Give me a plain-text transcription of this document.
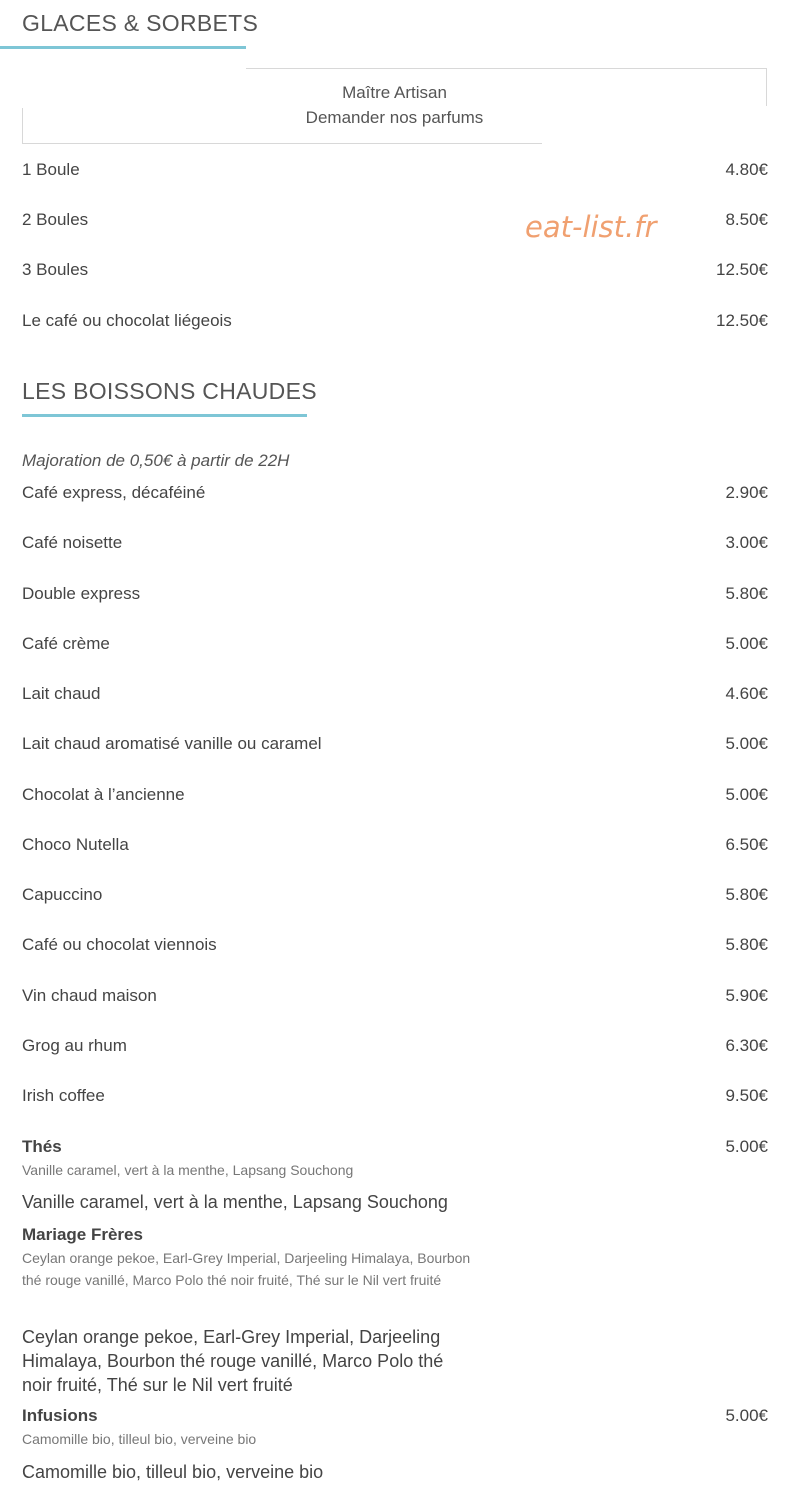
GLACES & SORBETS
Maître Artisan
Demander nos parfums
1 Boule	4.80€
2 Boules	8.50€
3 Boules	12.50€
Le café ou chocolat liégeois	12.50€
eat-list.fr
LES BOISSONS CHAUDES
Majoration de 0,50€ à partir de 22H
Café express, décaféiné	2.90€
Café noisette	3.00€
Double express	5.80€
Café crème	5.00€
Lait chaud	4.60€
Lait chaud aromatisé vanille ou caramel	5.00€
Chocolat à l’ancienne	5.00€
Choco Nutella	6.50€
Capuccino	5.80€
Café ou chocolat viennois	5.80€
Vin chaud maison	5.90€
Grog au rhum	6.30€
Irish coffee	9.50€
Thés	5.00€
Vanille caramel, vert à la menthe, Lapsang Souchong
Vanille caramel, vert à la menthe, Lapsang Souchong
Mariage Frères
Ceylan orange pekoe, Earl-Grey Imperial, Darjeeling Himalaya, Bourbon thé rouge vanillé, Marco Polo thé noir fruité, Thé sur le Nil vert fruité
Ceylan orange pekoe, Earl-Grey Imperial, Darjeeling Himalaya, Bourbon thé rouge vanillé, Marco Polo thé noir fruité, Thé sur le Nil vert fruité
Infusions	5.00€
Camomille bio, tilleul bio, verveine bio
Camomille bio, tilleul bio, verveine bio
